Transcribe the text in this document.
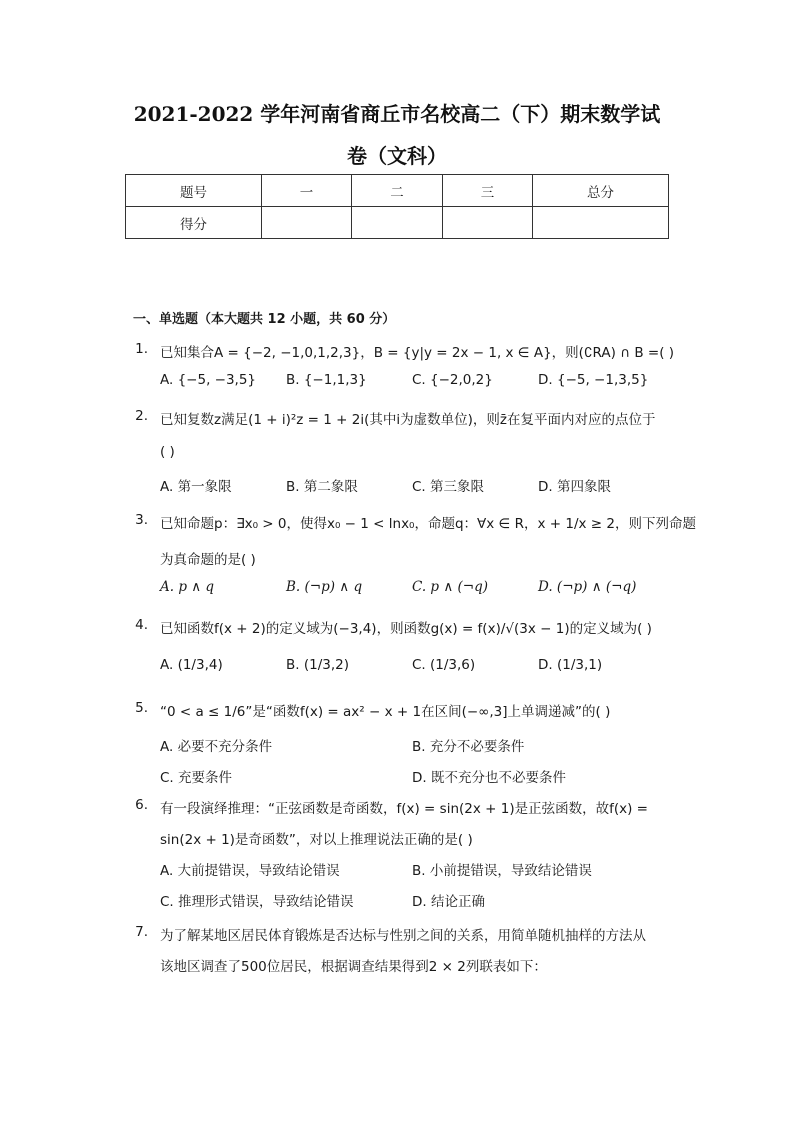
2021-2022 学年河南省商丘市名校高二（下）期末数学试
卷（文科）
题号	一	二	三	总分
得分				
一、单选题（本大题共 12 小题，共 60 分）
1. 已知集合A = {−2, −1,0,1,2,3}，B = {y|y = 2x − 1, x ∈ A}，则(∁RA) ∩ B =( )
A. {−5, −3,5} B. {−1,1,3}	C. {−2,0,2}	D. {−5, −1,3,5}
2. 已知复数z满足(1 + i)²z = 1 + 2i(其中i为虚数单位)，则z̄在复平面内对应的点位于
( )
A. 第一象限	B. 第二象限	C. 第三象限	D. 第四象限
3. 已知命题p：∃x₀ > 0，使得x₀ − 1 < lnx₀，命题q：∀x ∈ R，x + 1/x ≥ 2，则下列命题
为真命题的是( )
A. p ∧ q	B. (¬p) ∧ q	C. p ∧ (¬q)	D. (¬p) ∧ (¬q)
4. 已知函数f(x + 2)的定义域为(−3,4)，则函数g(x) = f(x)/√(3x − 1)的定义域为( )
A. (1/3,4)	B. (1/3,2)	C. (1/3,6)	D. (1/3,1)
5. “0 < a ≤ 1/6”是“函数f(x) = ax² − x + 1在区间(−∞,3]上单调递减”的( )
A. 必要不充分条件	B. 充分不必要条件
C. 充要条件	D. 既不充分也不必要条件
6. 有一段演绎推理：“正弦函数是奇函数，f(x) = sin(2x + 1)是正弦函数，故f(x) =
sin(2x + 1)是奇函数”，对以上推理说法正确的是( )
A. 大前提错误，导致结论错误	B. 小前提错误，导致结论错误
C. 推理形式错误，导致结论错误	D. 结论正确
7. 为了解某地区居民体育锻炼是否达标与性别之间的关系，用简单随机抽样的方法从
该地区调查了500位居民，根据调查结果得到2 × 2列联表如下：
